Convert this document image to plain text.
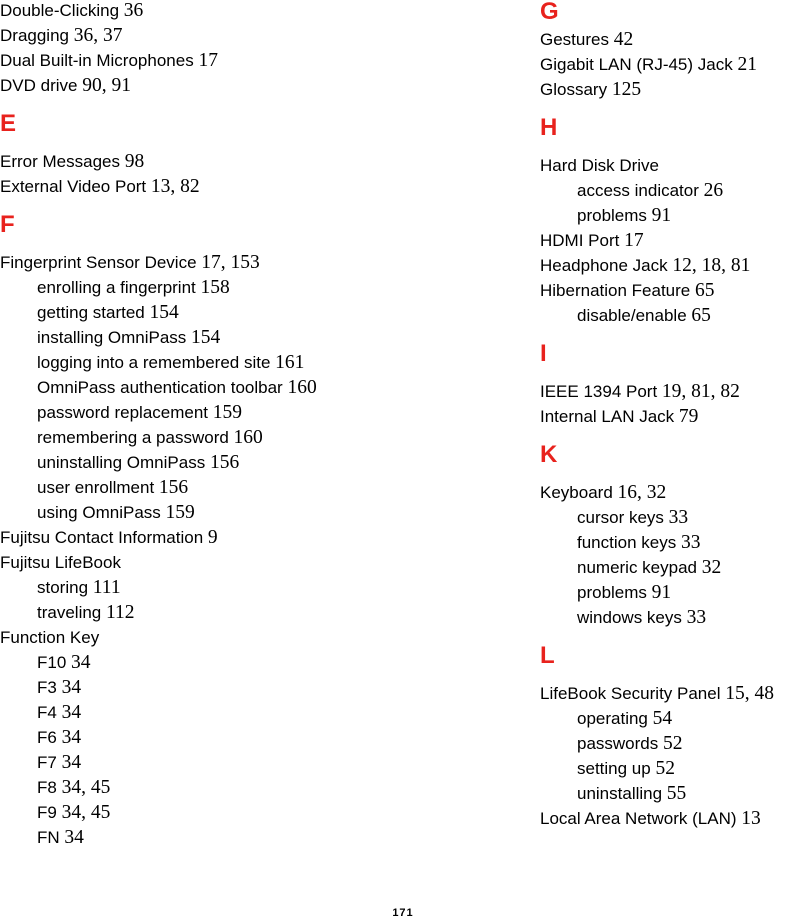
Double-Clicking 36
Dragging 36, 37
Dual Built-in Microphones 17
DVD drive 90, 91
E
Error Messages 98
External Video Port 13, 82
F
Fingerprint Sensor Device 17, 153
enrolling a fingerprint 158
getting started 154
installing OmniPass 154
logging into a remembered site 161
OmniPass authentication toolbar 160
password replacement 159
remembering a password 160
uninstalling OmniPass 156
user enrollment 156
using OmniPass 159
Fujitsu Contact Information 9
Fujitsu LifeBook
storing 111
traveling 112
Function Key
F10 34
F3 34
F4 34
F6 34
F7 34
F8 34, 45
F9 34, 45
FN 34
G
Gestures 42
Gigabit LAN (RJ-45) Jack 21
Glossary 125
H
Hard Disk Drive
access indicator 26
problems 91
HDMI Port 17
Headphone Jack 12, 18, 81
Hibernation Feature 65
disable/enable 65
I
IEEE 1394 Port 19, 81, 82
Internal LAN Jack 79
K
Keyboard 16, 32
cursor keys 33
function keys 33
numeric keypad 32
problems 91
windows keys 33
L
LifeBook Security Panel 15, 48
operating 54
passwords 52
setting up 52
uninstalling 55
Local Area Network (LAN) 13
171
